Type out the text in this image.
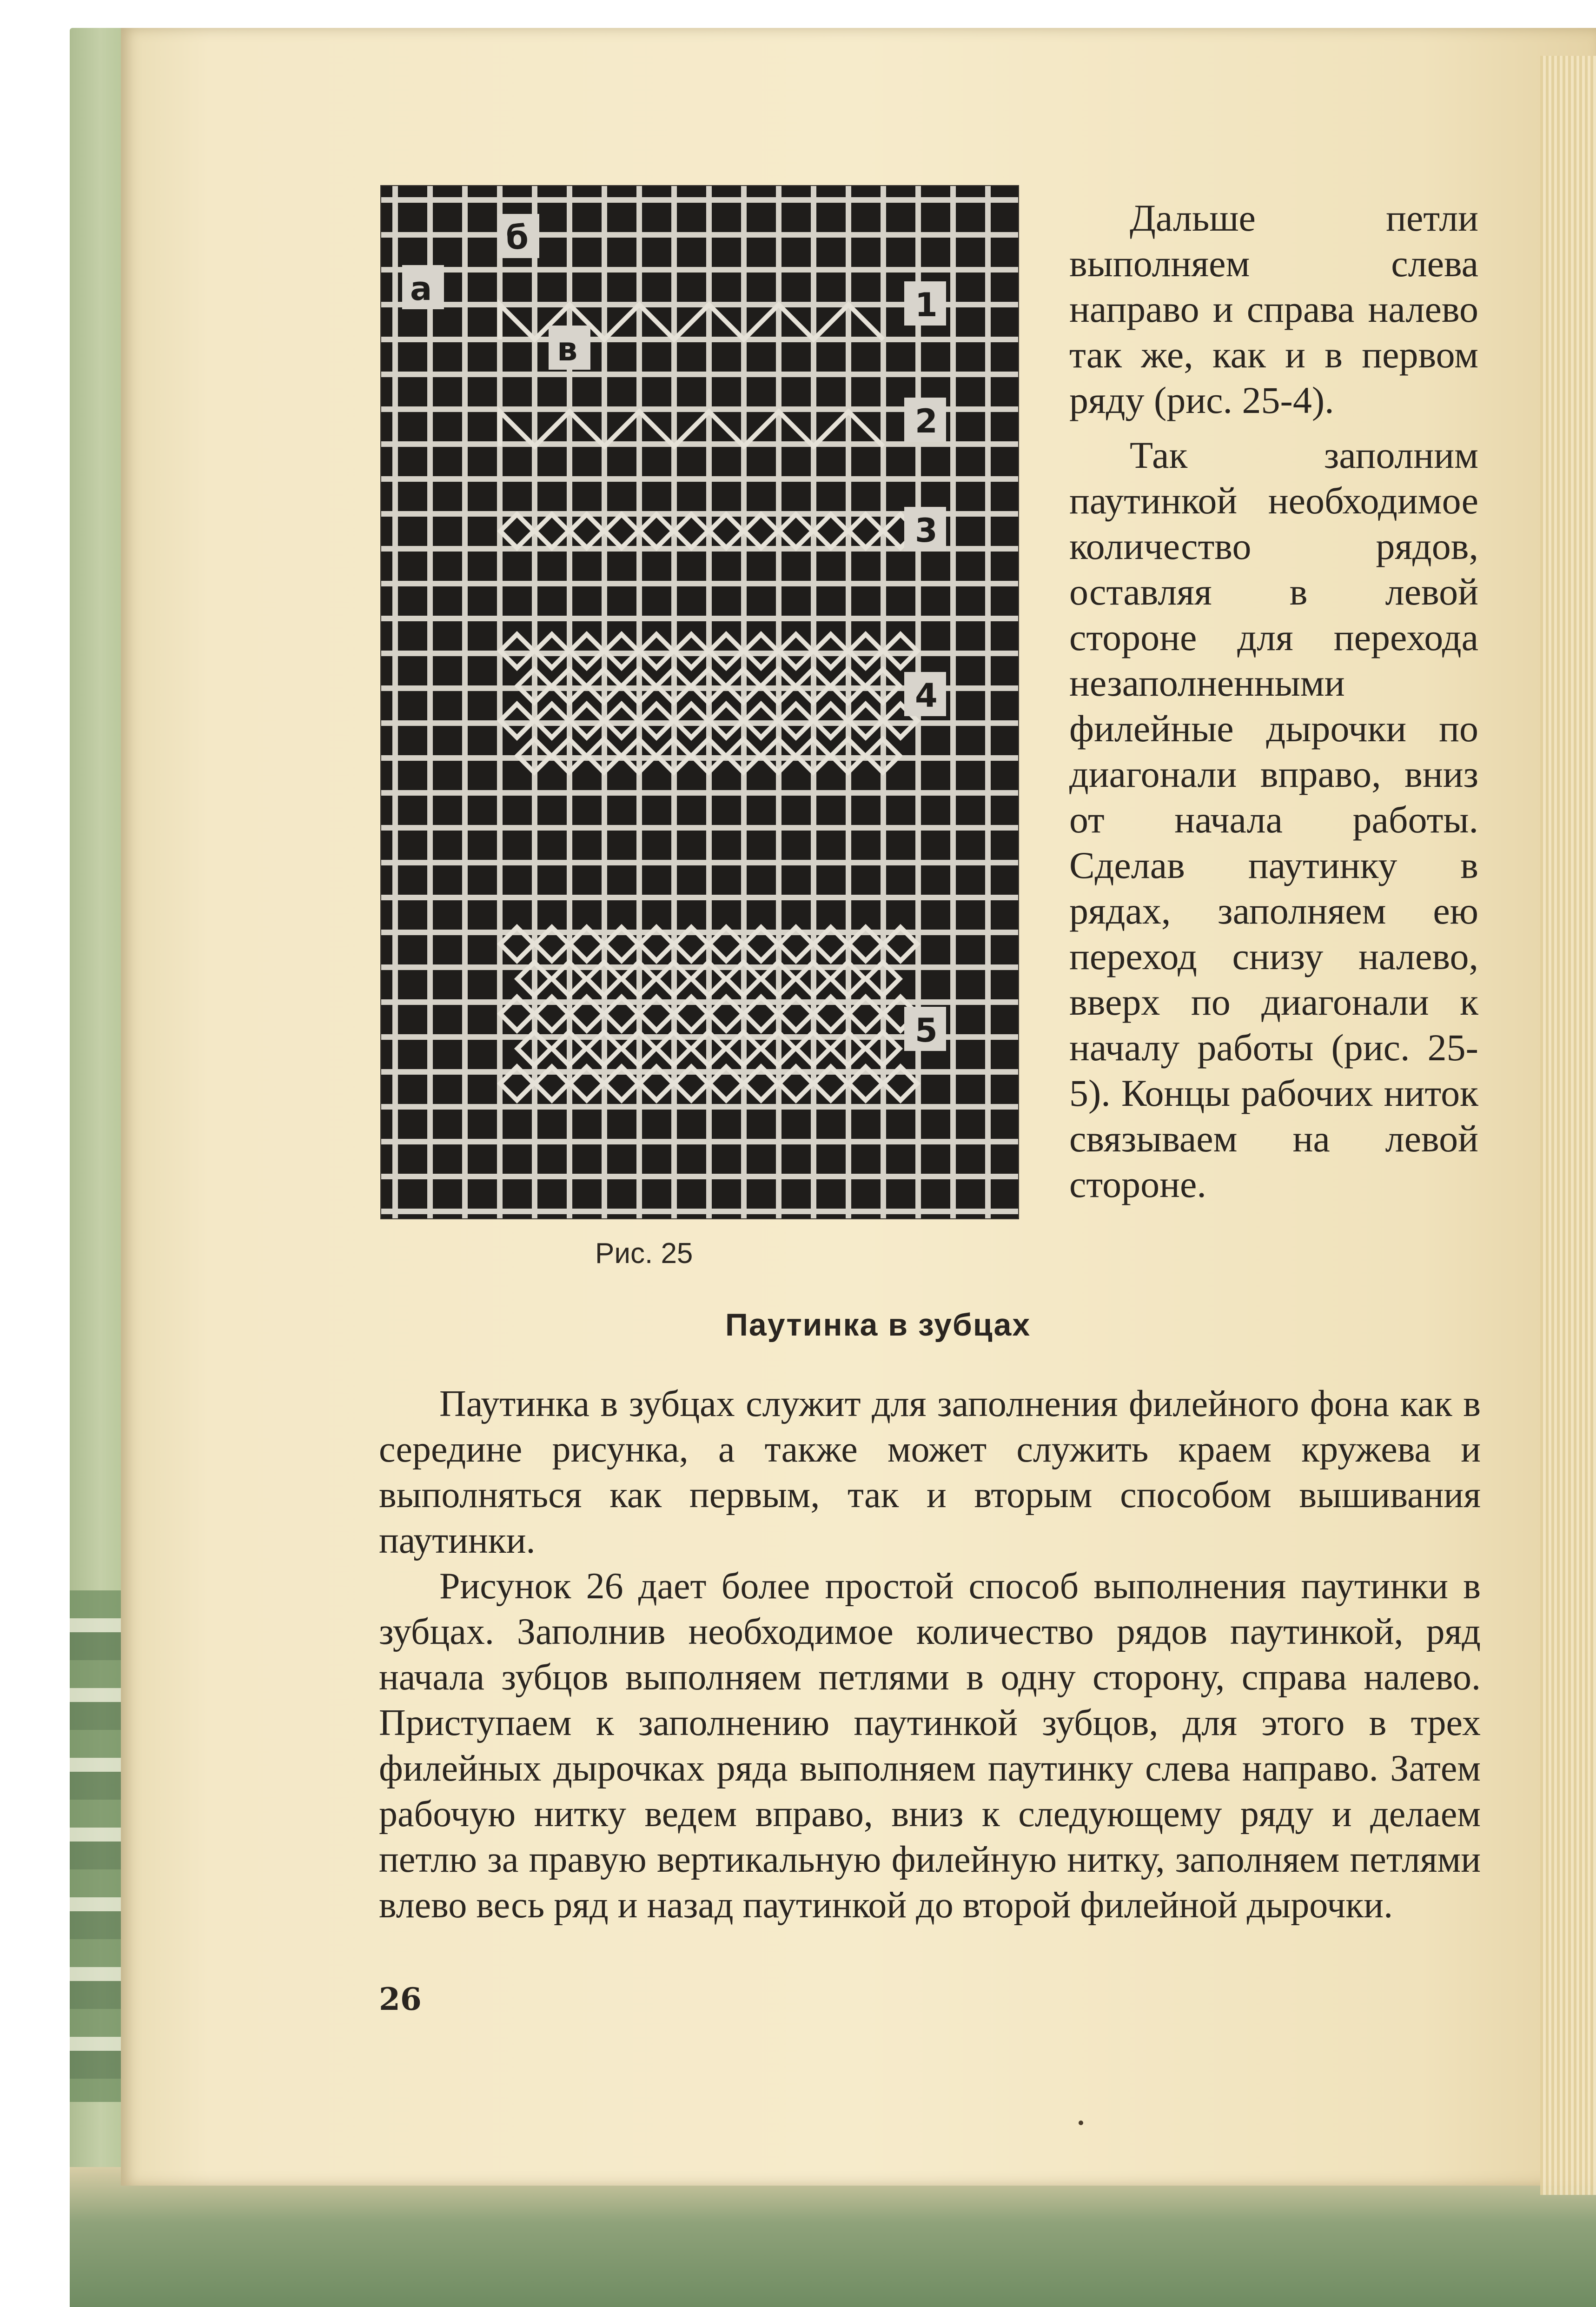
а
б
в
1
2
3
4
5
Рис. 25

Дальше петли выполняем слева направо и справа налево так же, как и в первом ряду (рис. 25-4).

Так заполним паутинкой необходимое количество рядов, оставляя в левой стороне для перехода незаполненными филейные дырочки по диагонали вправо, вниз от начала работы. Сделав паутинку в рядах, заполняем ею переход снизу налево, вверх по диагонали к началу работы (рис. 25-5). Концы рабочих ниток связываем на левой стороне.

Паутинка в зубцах

Паутинка в зубцах служит для заполнения филейного фона как в середине рисунка, а также может служить краем кружева и выполняться как первым, так и вторым способом вышивания паутинки.

Рисунок 26 дает более простой способ выполнения паутинки в зубцах. Заполнив необходимое количество рядов паутинкой, ряд начала зубцов выполняем петлями в одну сторону, справа налево. Приступаем к заполнению паутинкой зубцов, для этого в трех филейных дырочках ряда выполняем паутинку слева направо. Затем рабочую нитку ведем вправо, вниз к следующему ряду и делаем петлю за правую вертикальную филейную нитку, заполняем петлями влево весь ряд и назад паутинкой до второй филейной дырочки.

26
